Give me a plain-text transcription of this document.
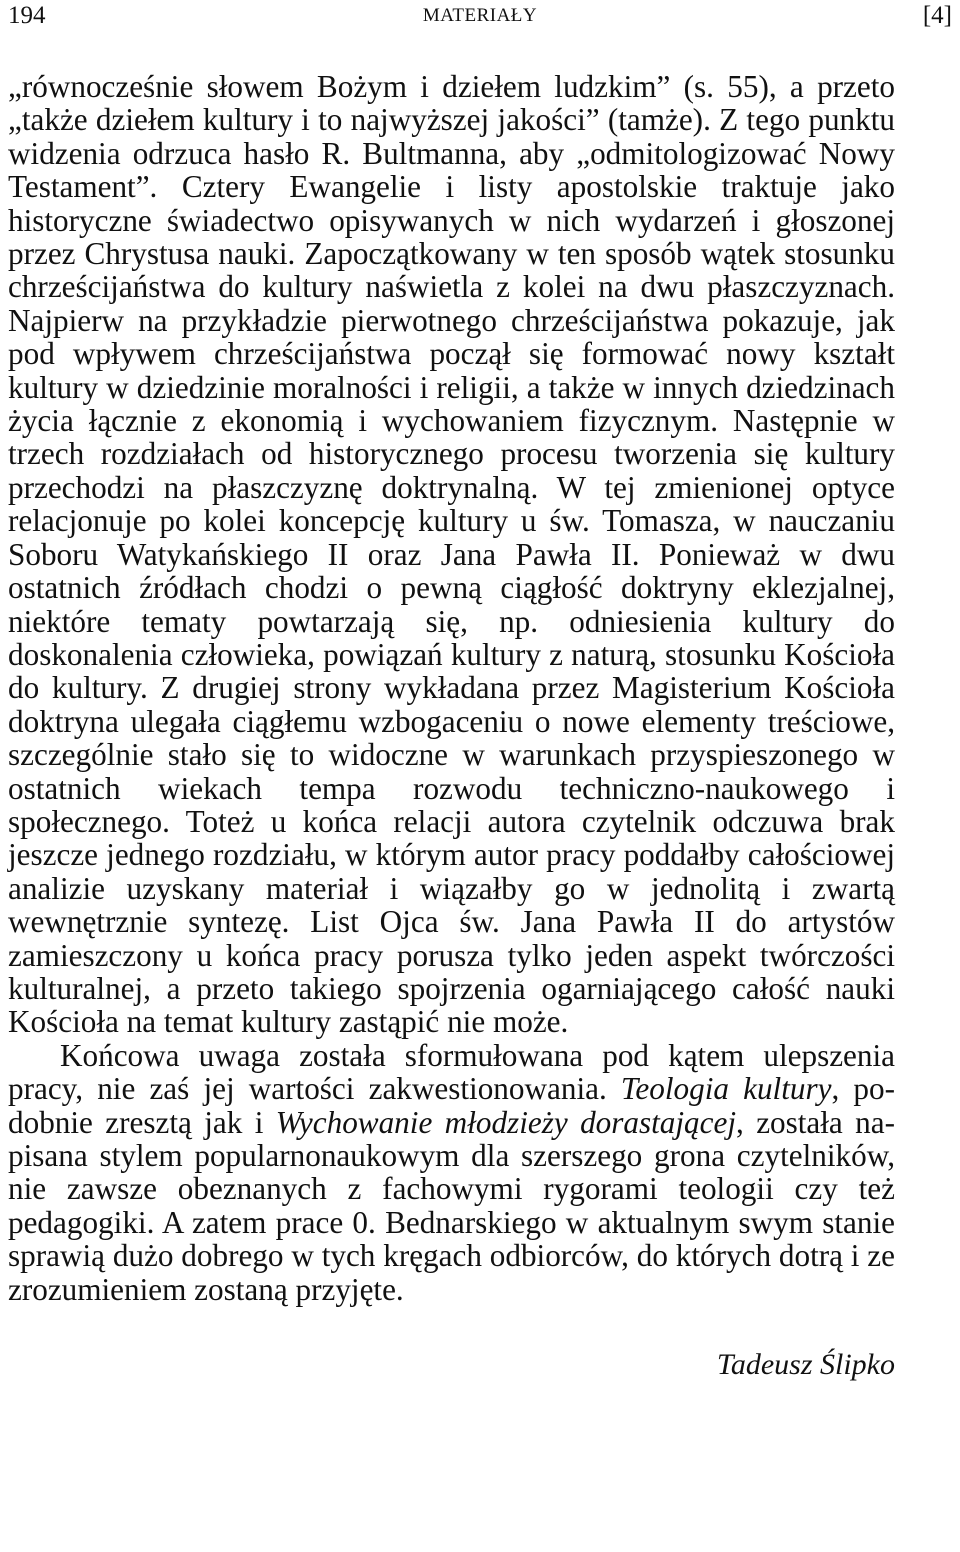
194	MATERIAŁY	[4]

„równocześnie słowem Bożym i dziełem ludzkim” (s. 55), a przeto „także dziełem kultury i to najwyższej jakości” (tamże). Z tego punktu widzenia odrzuca hasło R. Bultmanna, aby „odmitologizować Nowy Testament”. Cztery Ewangelie i listy apostolskie traktuje jako historyczne świadectwo opisywanych w nich wydarzeń i głoszonej przez Chrystusa nauki. Zapoczątkowany w ten sposób wątek stosunku chrześcijaństwa do kultury naświetla z kolei na dwu płaszczyznach. Najpierw na przykładzie pierwotnego chrześcijaństwa pokazuje, jak pod wpływem chrześcijaństwa począł się formować nowy kształt kultury w dziedzinie moralności i religii, a także w innych dziedzinach życia łącznie z ekonomią i wychowaniem fizycznym. Następnie w trzech rozdziałach od historycznego procesu tworzenia się kultury przechodzi na płaszczyznę doktrynalną. W tej zmienionej optyce relacjonuje po kolei koncepcję kultury u św. Tomasza, w nauczaniu Soboru Watykańskiego II oraz Jana Pawła II. Ponieważ w dwu ostatnich źródłach chodzi o pewną ciągłość doktryny eklezjalnej, niektóre tematy powtarzają się, np. odniesienia kultury do doskonalenia człowieka, powiązań kultury z naturą, stosunku Kościoła do kultury. Z drugiej strony wykładana przez Magisterium Kościoła doktryna ulegała ciągłemu wzbogaceniu o nowe elementy treściowe, szczególnie stało się to widoczne w warunkach przyspieszonego w ostatnich wiekach tempa rozwodu techniczno-naukowego i społecznego. Toteż u końca relacji autora czytelnik odczuwa brak jeszcze jednego rozdziału, w którym autor pracy poddałby całościowej analizie uzyskany materiał i wiązałby go w jednolitą i zwartą wewnętrznie syntezę. List Ojca św. Jana Pawła II do artystów zamieszczony u końca pracy porusza tylko jeden aspekt twórczości kulturalnej, a przeto takiego spojrzenia ogarniającego całość nauki Kościoła na temat kultury zastąpić nie może.

Końcowa uwaga została sformułowana pod kątem ulepszenia pracy, nie zaś jej wartości zakwestionowania. Teologia kultury, podobnie zresztą jak i Wychowanie młodzieży dorastającej, została napisana stylem popularnonaukowym dla szerszego grona czytelników, nie zawsze obeznanych z fachowymi rygorami teologii czy też pedagogiki. A zatem prace 0. Bednarskiego w aktualnym swym stanie sprawią dużo dobrego w tych kręgach odbiorców, do których dotrą i ze zrozumieniem zostaną przyjęte.

Tadeusz Ślipko
